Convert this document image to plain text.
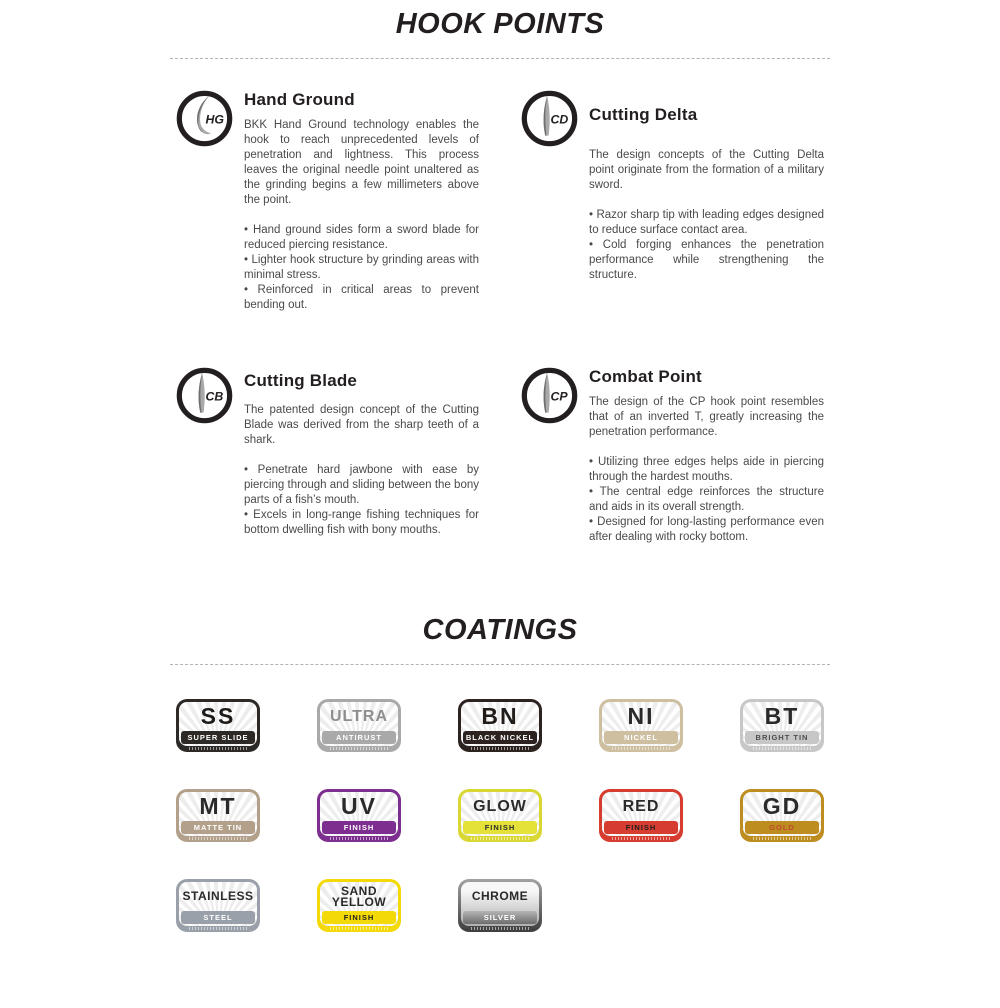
HOOK POINTS
HG
Hand Ground

BKK Hand Ground technology enables the hook to reach unprecedented levels of penetration and lightness. This process leaves the original needle point unaltered as the grinding begins a few millimeters above the point.

• Hand ground sides form a sword blade for reduced piercing resistance.
• Lighter hook structure by grinding areas with minimal stress.
• Reinforced in critical areas to prevent bending out.
CD Cutting Delta

The design concepts of the Cutting Delta point originate from the formation of a military sword.

• Razor sharp tip with leading edges designed to reduce surface contact area.
• Cold forging enhances the penetration performance while strengthening the structure.
CB
Cutting Blade

The patented design concept of the Cutting Blade was derived from the sharp teeth of a shark.

• Penetrate hard jawbone with ease by piercing through and sliding between the bony parts of a fish’s mouth.
• Excels in long-range fishing techniques for bottom dwelling fish with bony mouths.
CP
Combat Point

The design of the CP hook point resembles that of an inverted T, greatly increasing the penetration performance.

• Utilizing three edges helps aide in piercing through the hardest mouths.
• The central edge reinforces the structure and aids in its overall strength.
• Designed for long-lasting performance even after dealing with rocky bottom.
COATINGS
SS
SUPER SLIDE
ULTRA
ANTIRUST
BN
BLACK NICKEL
NI
NICKEL
BT
BRIGHT TIN
MT
MATTE TIN
UV
FINISH
GLOW
FINISH
RED
FINISH
GD
GOLD
STAINLESS
STEEL
SAND YELLOW
FINISH
CHROME
SILVER
